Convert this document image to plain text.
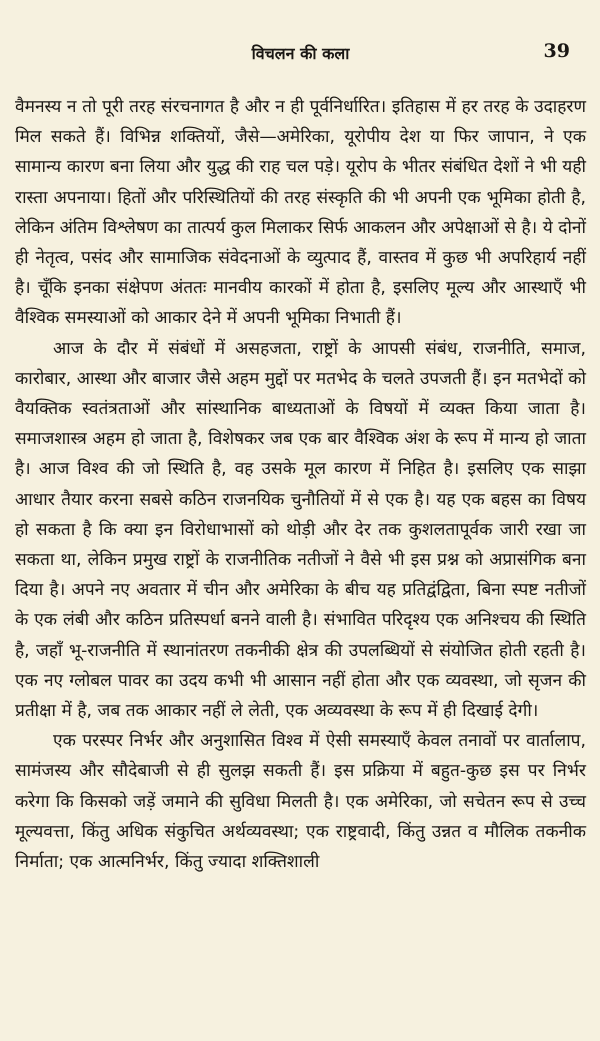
विचलन की कला	39

वैमनस्य न तो पूरी तरह संरचनागत है और न ही पूर्वनिर्धारित। इतिहास में हर तरह के उदाहरण मिल सकते हैं। विभिन्न शक्तियों, जैसे—अमेरिका, यूरोपीय देश या फिर जापान, ने एक सामान्य कारण बना लिया और युद्ध की राह चल पड़े। यूरोप के भीतर संबंधित देशों ने भी यही रास्ता अपनाया। हितों और परिस्थितियों की तरह संस्कृति की भी अपनी एक भूमिका होती है, लेकिन अंतिम विश्लेषण का तात्पर्य कुल मिलाकर सिर्फ आकलन और अपेक्षाओं से है। ये दोनों ही नेतृत्व, पसंद और सामाजिक संवेदनाओं के व्युत्पाद हैं, वास्तव में कुछ भी अपरिहार्य नहीं है। चूँकि इनका संक्षेपण अंततः मानवीय कारकों में होता है, इसलिए मूल्य और आस्थाएँ भी वैश्विक समस्याओं को आकार देने में अपनी भूमिका निभाती हैं।

आज के दौर में संबंधों में असहजता, राष्ट्रों के आपसी संबंध, राजनीति, समाज, कारोबार, आस्था और बाजार जैसे अहम मुद्दों पर मतभेद के चलते उपजती हैं। इन मतभेदों को वैयक्तिक स्वतंत्रताओं और सांस्थानिक बाध्यताओं के विषयों में व्यक्त किया जाता है। समाजशास्त्र अहम हो जाता है, विशेषकर जब एक बार वैश्विक अंश के रूप में मान्य हो जाता है। आज विश्व की जो स्थिति है, वह उसके मूल कारण में निहित है। इसलिए एक साझा आधार तैयार करना सबसे कठिन राजनयिक चुनौतियों में से एक है। यह एक बहस का विषय हो सकता है कि क्या इन विरोधाभासों को थोड़ी और देर तक कुशलतापूर्वक जारी रखा जा सकता था, लेकिन प्रमुख राष्ट्रों के राजनीतिक नतीजों ने वैसे भी इस प्रश्न को अप्रासंगिक बना दिया है। अपने नए अवतार में चीन और अमेरिका के बीच यह प्रतिद्वंद्विता, बिना स्पष्ट नतीजों के एक लंबी और कठिन प्रतिस्पर्धा बनने वाली है। संभावित परिदृश्य एक अनिश्चय की स्थिति है, जहाँ भू-राजनीति में स्थानांतरण तकनीकी क्षेत्र की उपलब्धियों से संयोजित होती रहती है। एक नए ग्लोबल पावर का उदय कभी भी आसान नहीं होता और एक व्यवस्था, जो सृजन की प्रतीक्षा में है, जब तक आकार नहीं ले लेती, एक अव्यवस्था के रूप में ही दिखाई देगी।

एक परस्पर निर्भर और अनुशासित विश्व में ऐसी समस्याएँ केवल तनावों पर वार्तालाप, सामंजस्य और सौदेबाजी से ही सुलझ सकती हैं। इस प्रक्रिया में बहुत-कुछ इस पर निर्भर करेगा कि किसको जड़ें जमाने की सुविधा मिलती है। एक अमेरिका, जो सचेतन रूप से उच्च मूल्यवत्ता, किंतु अधिक संकुचित अर्थव्यवस्था; एक राष्ट्रवादी, किंतु उन्नत व मौलिक तकनीक निर्माता; एक आत्मनिर्भर, किंतु ज्यादा शक्तिशाली
